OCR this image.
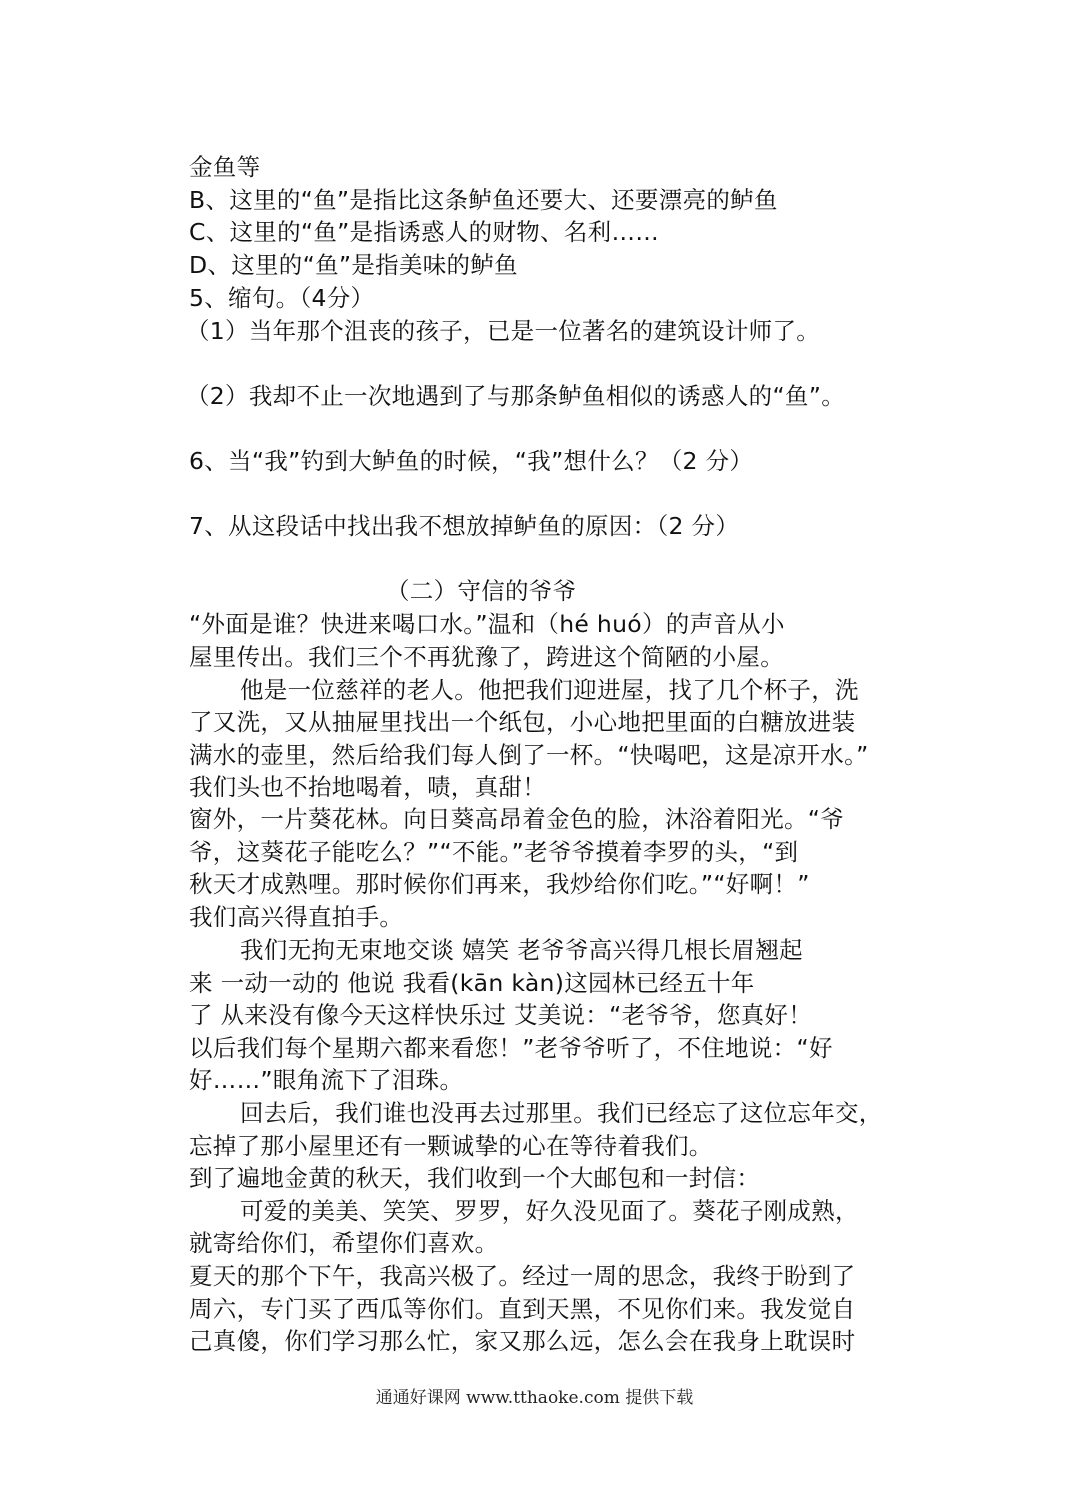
金鱼等

B、这里的“鱼”是指比这条鲈鱼还要大、还要漂亮的鲈鱼

C、这里的“鱼”是指诱惑人的财物、名利……

D、这里的“鱼”是指美味的鲈鱼

5、缩句。（4分）

（1）当年那个沮丧的孩子，已是一位著名的建筑设计师了。

（2）我却不止一次地遇到了与那条鲈鱼相似的诱惑人的“鱼”。

6、当“我”钓到大鲈鱼的时候，“我”想什么？（2 分）

7、从这段话中找出我不想放掉鲈鱼的原因：（2 分）

（二）守信的爷爷

“外面是谁？快进来喝口水。”温和（hé huó）的声音从小

屋里传出。我们三个不再犹豫了，跨进这个简陋的小屋。

他是一位慈祥的老人。他把我们迎进屋，找了几个杯子，洗

了又洗，又从抽屉里找出一个纸包，小心地把里面的白糖放进装

满水的壶里，然后给我们每人倒了一杯。“快喝吧，这是凉开水。”

我们头也不抬地喝着，啧，真甜！

窗外，一片葵花林。向日葵高昂着金色的脸，沐浴着阳光。“爷

爷，这葵花子能吃么？”“不能。”老爷爷摸着李罗的头，“到

秋天才成熟哩。那时候你们再来，我炒给你们吃。”“好啊！”

我们高兴得直拍手。

我们无拘无束地交谈 嬉笑 老爷爷高兴得几根长眉翘起

来 一动一动的 他说 我看(kān kàn)这园林已经五十年

了 从来没有像今天这样快乐过 艾美说：“老爷爷，您真好！

以后我们每个星期六都来看您！”老爷爷听了，不住地说：“好

好……”眼角流下了泪珠。

回去后，我们谁也没再去过那里。我们已经忘了这位忘年交，

忘掉了那小屋里还有一颗诚挚的心在等待着我们。

到了遍地金黄的秋天，我们收到一个大邮包和一封信：

可爱的美美、笑笑、罗罗，好久没见面了。葵花子刚成熟，

就寄给你们，希望你们喜欢。

夏天的那个下午，我高兴极了。经过一周的思念，我终于盼到了

周六，专门买了西瓜等你们。直到天黑，不见你们来。我发觉自

己真傻，你们学习那么忙，家又那么远，怎么会在我身上耽误时

通通好课网 www.tthaoke.com 提供下载
